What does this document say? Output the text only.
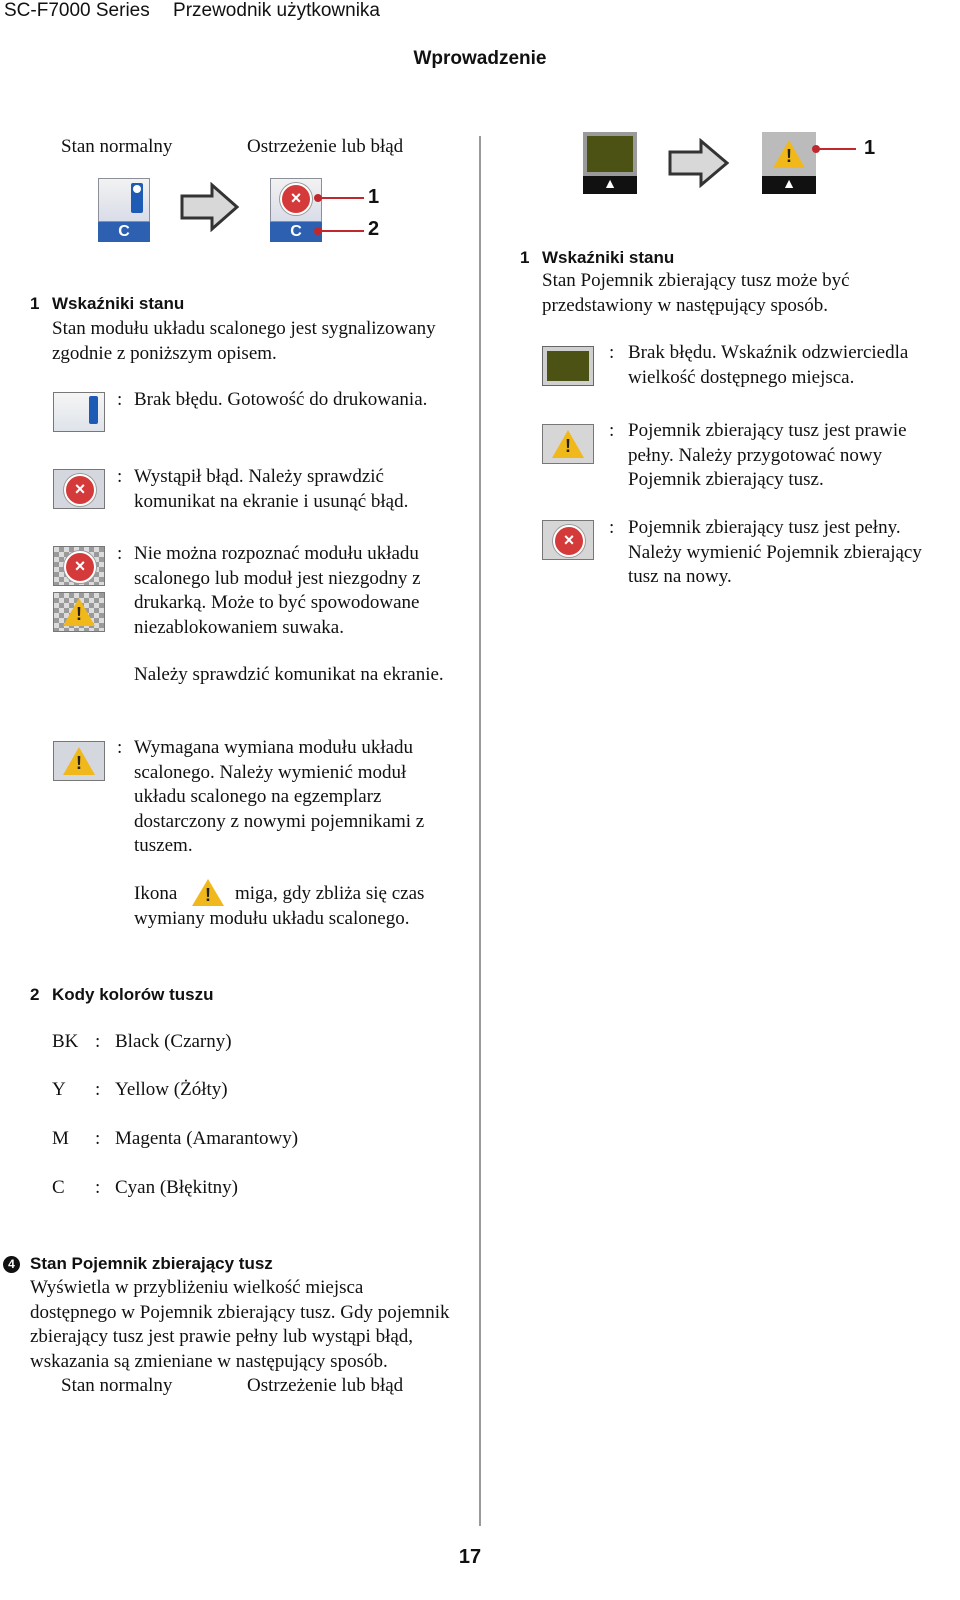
SC-F7000 Series Przewodnik użytkownika
Wprowadzenie
Stan normalny	Ostrzeżenie lub błąd
C
×
C
1
2
1 Wskaźniki stanu
Stan modułu układu scalonego jest sygnalizowany zgodnie z poniższym opisem.
: Brak błędu. Gotowość do drukowania.
×
: Wystąpił błąd. Należy sprawdzić komunikat na ekranie i usunąć błąd.
×
!
: Nie można rozpoznać modułu układu scalonego lub moduł jest niezgodny z drukarką. Może to być spowodowane niezablokowaniem suwaka.
Należy sprawdzić komunikat na ekranie.
!
: Wymagana wymiana modułu układu scalonego. Należy wymienić moduł układu scalonego na egzemplarz dostarczony z nowymi pojemnikami z tuszem.
Ikona !	miga, gdy zbliża się czas wymiany modułu układu scalonego.
2 Kody kolorów tuszu
BK : Black (Czarny)
Y : Yellow (Żółty)
M : Magenta (Amarantowy)
C : Cyan (Błękitny)
4 Stan Pojemnik zbierający tusz
Wyświetla w przybliżeniu wielkość miejsca dostępnego w Pojemnik zbierający tusz. Gdy pojemnik zbierający tusz jest prawie pełny lub wystąpi błąd, wskazania są zmieniane w następujący sposób.
Stan normalny	Ostrzeżenie lub błąd
▲
!
▲
1
1 Wskaźniki stanu
Stan Pojemnik zbierający tusz może być przedstawiony w następujący sposób.
: Brak błędu. Wskaźnik odzwierciedla wielkość dostępnego miejsca.
!
: Pojemnik zbierający tusz jest prawie pełny. Należy przygotować nowy Pojemnik zbierający tusz.
×
: Pojemnik zbierający tusz jest pełny. Należy wymienić Pojemnik zbierający tusz na nowy.
17
